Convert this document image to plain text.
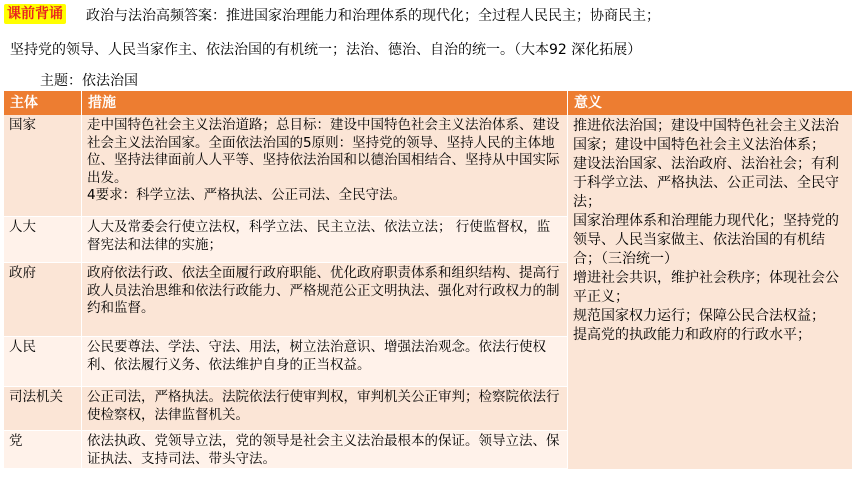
课前背诵 政治与法治高频答案：推进国家治理能力和治理体系的现代化；全过程人民民主；协商民主；
坚持党的领导、人民当家作主、依法治国的有机统一；法治、德治、自治的统一。（大本92 深化拓展）
主题：依法治国
主体	措施	意义
国家	走中国特色社会主义法治道路；总目标：建设中国特色社会主义法治体系、建设社会主义法治国家。全面依法治国的5原则：坚持党的领导、坚持人民的主体地位、坚持法律面前人人平等、坚持依法治国和以德治国相结合、坚持从中国实际出发。
4要求：科学立法、严格执法、公正司法、全民守法。
人大	人大及常委会行使立法权，科学立法、民主立法、依法立法； 行使监督权，监督宪法和法律的实施；
政府	政府依法行政、依法全面履行政府职能、优化政府职责体系和组织结构、提高行政人员法治思维和依法行政能力、严格规范公正文明执法、强化对行政权力的制约和监督。
人民	公民要尊法、学法、守法、用法，树立法治意识、增强法治观念。依法行使权利、依法履行义务、依法维护自身的正当权益。
司法机关	公正司法，严格执法。法院依法行使审判权，审判机关公正审判；检察院依法行使检察权，法律监督机关。
党	依法执政、党领导立法，党的领导是社会主义法治最根本的保证。领导立法、保证执法、支持司法、带头守法。
推进依法治国；建设中国特色社会主义法治国家；建设中国特色社会主义法治体系；
建设法治国家、法治政府、法治社会；有利于科学立法、严格执法、公正司法、全民守法；
国家治理体系和治理能力现代化；坚持党的领导、人民当家做主、依法治国的有机结合；（三治统一）
增进社会共识，维护社会秩序；体现社会公平正义；
规范国家权力运行；保障公民合法权益；
提高党的执政能力和政府的行政水平；
